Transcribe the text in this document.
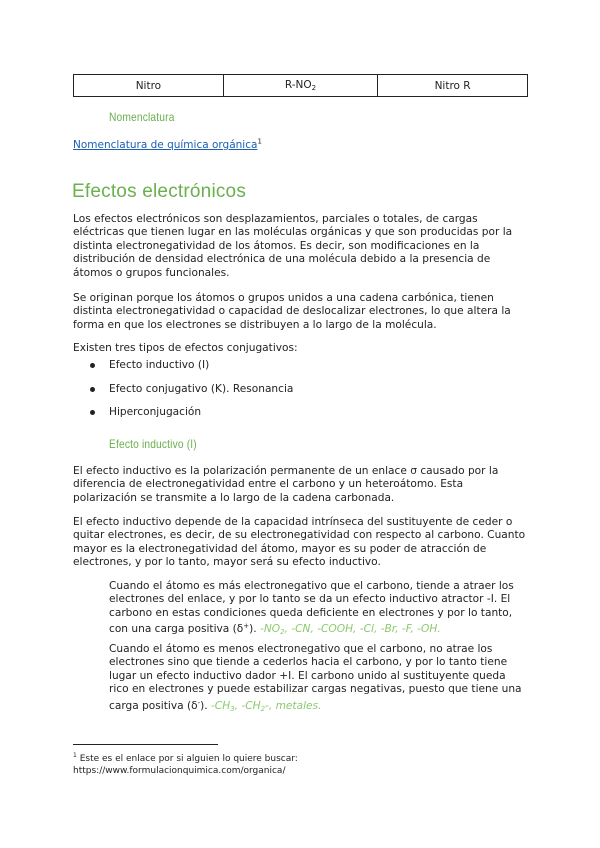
Nitro	$R-NO_2$	Nitro R
Nomenclatura
Nomenclatura de química orgánica$^1$
Efectos electrónicos

Los efectos electrónicos son desplazamientos, parciales o totales, de cargas eléctricas que tienen lugar en las moléculas orgánicas y que son producidas por la distinta electronegatividad de los átomos. Es decir, son modificaciones en la distribución de densidad electrónica de una molécula debido a la presencia de átomos o grupos funcionales.

Se originan porque los átomos o grupos unidos a una cadena carbónica, tienen distinta electronegatividad o capacidad de deslocalizar electrones, lo que altera la forma en que los electrones se distribuyen a lo largo de la molécula.

Existen tres tipos de efectos conjugativos:

Efecto inductivo (I)
Efecto conjugativo (K). Resonancia
Hiperconjugación
Efecto inductivo (I)

El efecto inductivo es la polarización permanente de un enlace σ causado por la diferencia de electronegatividad entre el carbono y un heteroátomo. Esta polarización se transmite a lo largo de la cadena carbonada.

El efecto inductivo depende de la capacidad intrínseca del sustituyente de ceder o quitar electrones, es decir, de su electronegatividad con respecto al carbono. Cuanto mayor es la electronegatividad del átomo, mayor es su poder de atracción de electrones, y por lo tanto, mayor será su efecto inductivo.

Cuando el átomo es más electronegativo que el carbono, tiende a atraer los electrones del enlace, y por lo tanto se da un efecto inductivo atractor -I. El carbono en estas condiciones queda deficiente en electrones y por lo tanto, con una carga positiva (δ+). $-NO_2$, -CN, -COOH, -Cl, -Br, -F, -OH.

Cuando el átomo es menos electronegativo que el carbono, no atrae los electrones sino que tiende a cederlos hacia el carbono, y por lo tanto tiene lugar un efecto inductivo dador +I. El carbono unido al sustituyente queda rico en electrones y puede estabilizar cargas negativas, puesto que tiene una carga positiva (δ-). $-CH_3$, $-CH_2-$, metales.

$^1$ Este es el enlace por si alguien lo quiere buscar:
https://www.formulacionquimica.com/organica/
